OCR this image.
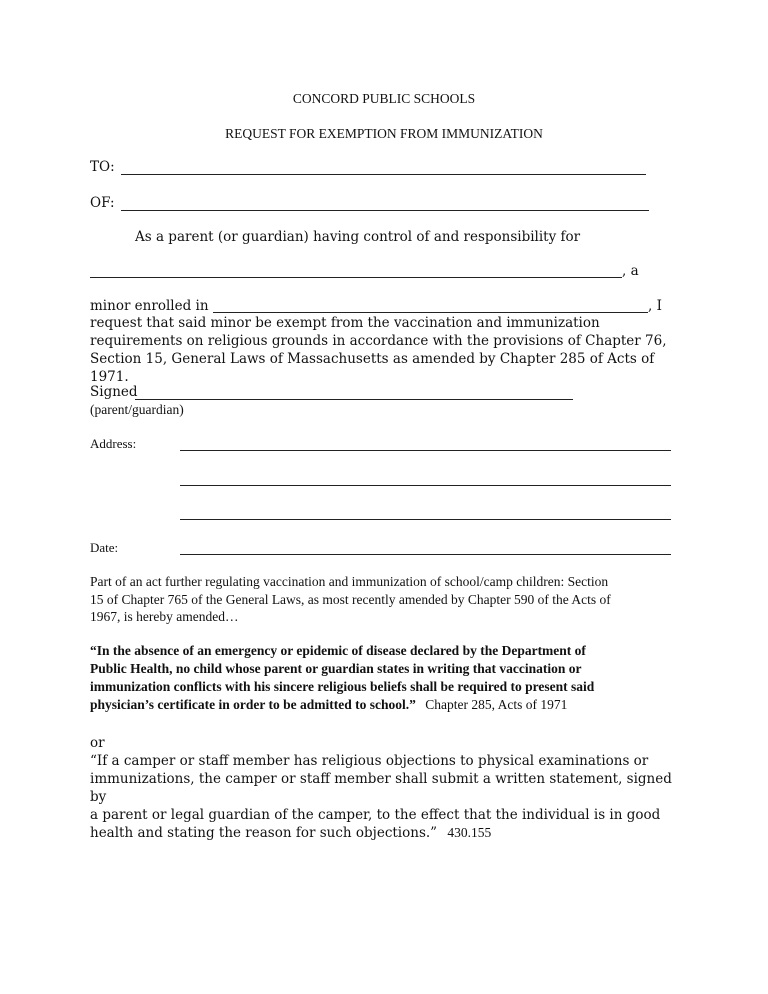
CONCORD PUBLIC SCHOOLS
REQUEST FOR EXEMPTION FROM IMMUNIZATION
TO:
OF:
As a parent (or guardian) having control of and responsibility for
, a
minor enrolled in	, I
request that said minor be exempt from the vaccination and immunization
requirements on religious grounds in accordance with the provisions of Chapter 76,
Section 15, General Laws of Massachusetts as amended by Chapter 285 of Acts of 1971.
Signed
(parent/guardian)
Address:
Date:
Part of an act further regulating vaccination and immunization of school/camp children: Section
15 of Chapter 765 of the General Laws, as most recently amended by Chapter 590 of the Acts of
1967, is hereby amended…
“In the absence of an emergency or epidemic of disease declared by the Department of
Public Health, no child whose parent or guardian states in writing that vaccination or
immunization conflicts with his sincere religious beliefs shall be required to present said
physician’s certificate in order to be admitted to school.” Chapter 285, Acts of 1971
or
“If a camper or staff member has religious objections to physical examinations or
immunizations, the camper or staff member shall submit a written statement, signed by
a parent or legal guardian of the camper, to the effect that the individual is in good
health and stating the reason for such objections.” 430.155
